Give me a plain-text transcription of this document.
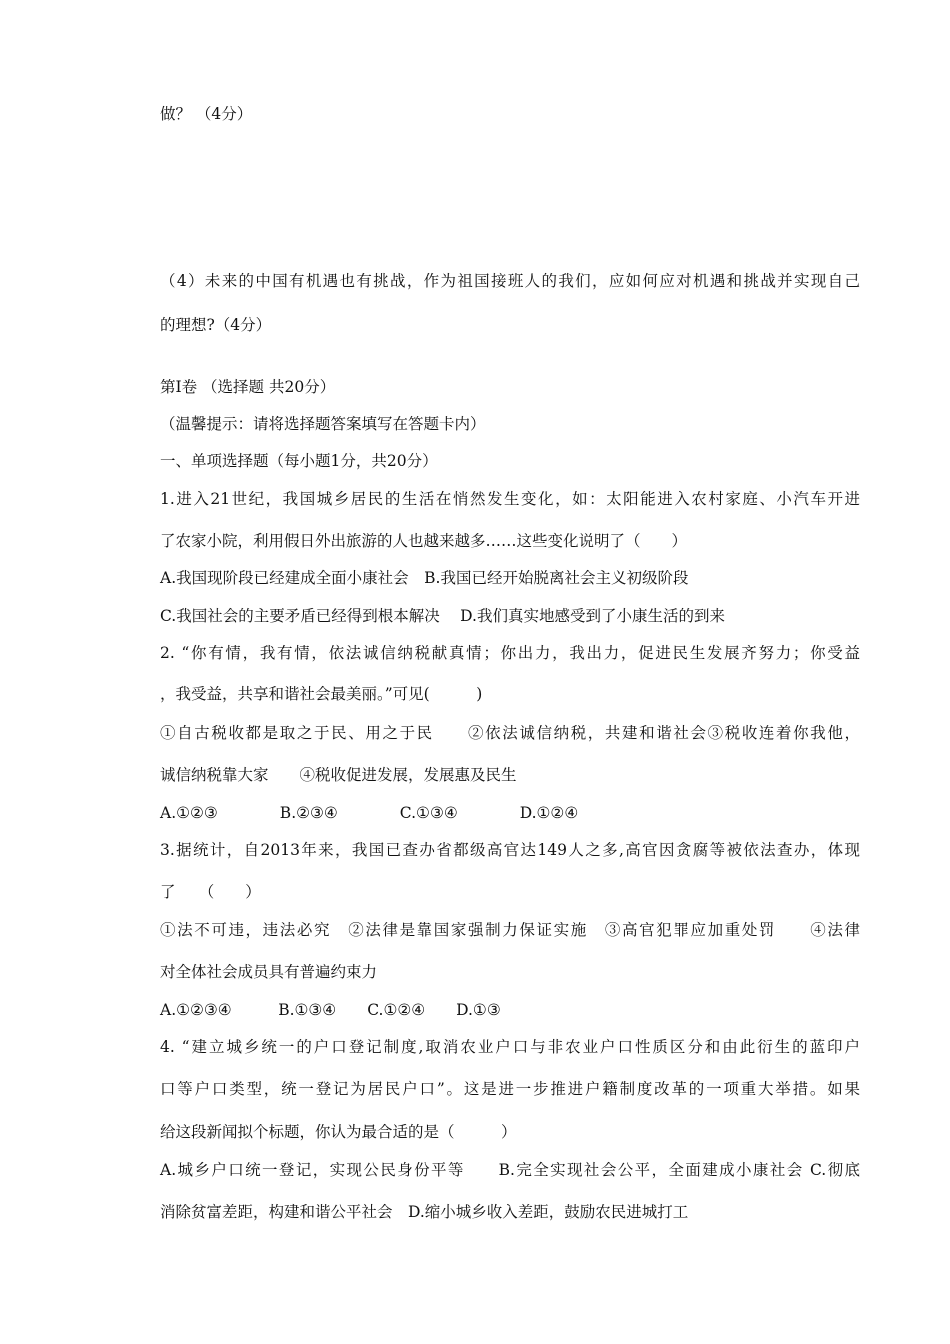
做？ （4分）
（4）未来的中国有机遇也有挑战，作为祖国接班人的我们，应如何应对机遇和挑战并实现自己
的理想?（4分）
第Ⅰ卷 （选择题 共20分）
（温馨提示：请将选择题答案填写在答题卡内）
一、单项选择题（每小题1分，共20分）
1.进入21世纪，我国城乡居民的生活在悄然发生变化，如：太阳能进入农村家庭、小汽车开进
了农家小院，利用假日外出旅游的人也越来越多……这些变化说明了（　　）
A.我国现阶段已经建成全面小康社会　B.我国已经开始脱离社会主义初级阶段
C.我国社会的主要矛盾已经得到根本解决　 D.我们真实地感受到了小康生活的到来
2. “你有情，我有情，依法诚信纳税献真情；你出力，我出力，促进民生发展齐努力；你受益
，我受益，共享和谐社会最美丽。”可见(　　　)
①自古税收都是取之于民、用之于民　　②依法诚信纳税，共建和谐社会③税收连着你我他，
诚信纳税靠大家　　④税收促进发展，发展惠及民生
A.①②③　　　　B.②③④　　　　C.①③④　　　　D.①②④
3.据统计，自2013年来，我国已查办省都级高官达149人之多,高官因贪腐等被依法查办，体现
了　　（　　）
①法不可违，违法必究　②法律是靠国家强制力保证实施　③高官犯罪应加重处罚　　④法律
对全体社会成员具有普遍约束力
A.①②③④　　　B.①③④　　C.①②④　　D.①③
4. “建立城乡统一的户口登记制度,取消农业户口与非农业户口性质区分和由此衍生的蓝印户
口等户口类型，统一登记为居民户口”。这是进一步推进户籍制度改革的一项重大举措。如果
给这段新闻拟个标题，你认为最合适的是（　　　）
A.城乡户口统一登记，实现公民身份平等　　B.完全实现社会公平，全面建成小康社会 C.彻底
消除贫富差距，构建和谐公平社会　D.缩小城乡收入差距，鼓励农民进城打工
